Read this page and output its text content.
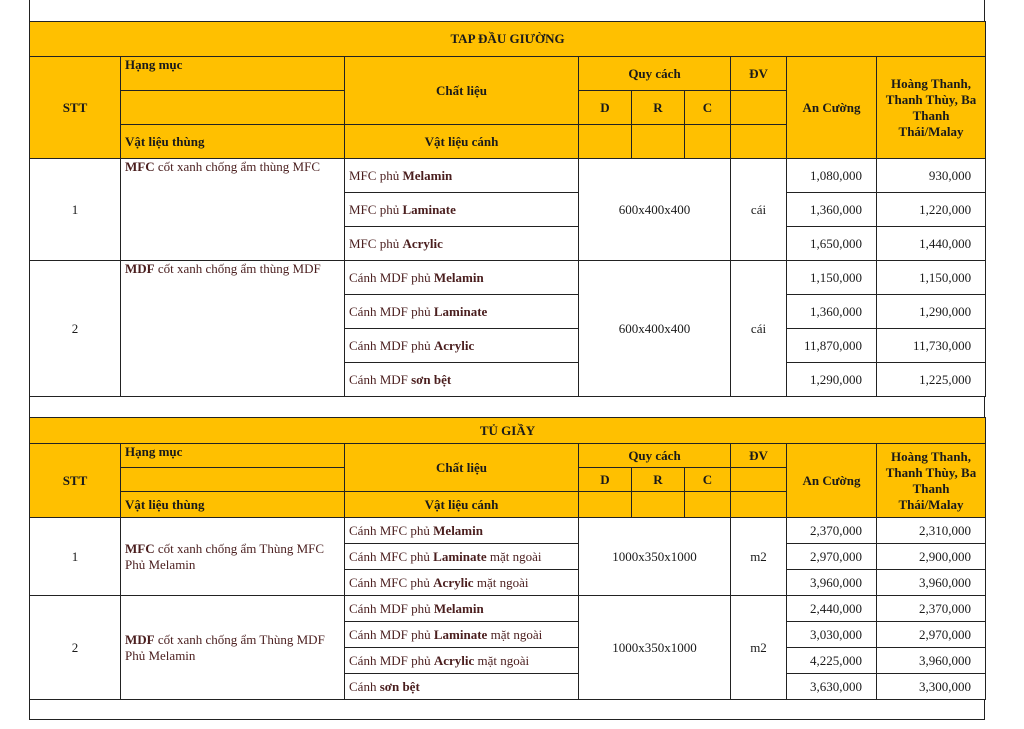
TAP ĐẦU GIƯỜNG								
STT	Hạng mục	Chất liệu	Quy cách			ĐV	An Cường	Hoàng Thanh, Thanh Thùy, Ba Thanh Thái/Malay
			D	R	C			
	Vật liệu thùng	Vật liệu cánh						
1	MFC cốt xanh chống ẩm thùng MFC	MFC phủ Melamin	600x400x400			cái	1,080,000	930,000
		MFC phủ Laminate					1,360,000	1,220,000
		MFC phủ Acrylic					1,650,000	1,440,000
2	MDF cốt xanh chống ẩm thùng MDF	Cánh MDF phủ Melamin	600x400x400			cái	1,150,000	1,150,000
		Cánh MDF phủ Laminate					1,360,000	1,290,000
		Cánh MDF phủ Acrylic					11,870,000	11,730,000
		Cánh MDF sơn bệt					1,290,000	1,225,000
TỦ GIẦY								
STT	Hạng mục	Chất liệu	Quy cách			ĐV	An Cường	Hoàng Thanh, Thanh Thùy, Ba Thanh Thái/Malay
			D	R	C			
	Vật liệu thùng	Vật liệu cánh						
1	MFC cốt xanh chống ẩm Thùng MFC Phủ Melamin	Cánh MFC phủ Melamin	1000x350x1000			m2	2,370,000	2,310,000
		Cánh MFC phủ Laminate mặt ngoài					2,970,000	2,900,000
		Cánh MFC phủ Acrylic mặt ngoài					3,960,000	3,960,000
2	MDF cốt xanh chống ẩm Thùng MDF Phủ Melamin	Cánh MDF phủ Melamin	1000x350x1000			m2	2,440,000	2,370,000
		Cánh MDF phủ Laminate mặt ngoài					3,030,000	2,970,000
		Cánh MDF phủ Acrylic mặt ngoài					4,225,000	3,960,000
		Cánh sơn bệt					3,630,000	3,300,000
